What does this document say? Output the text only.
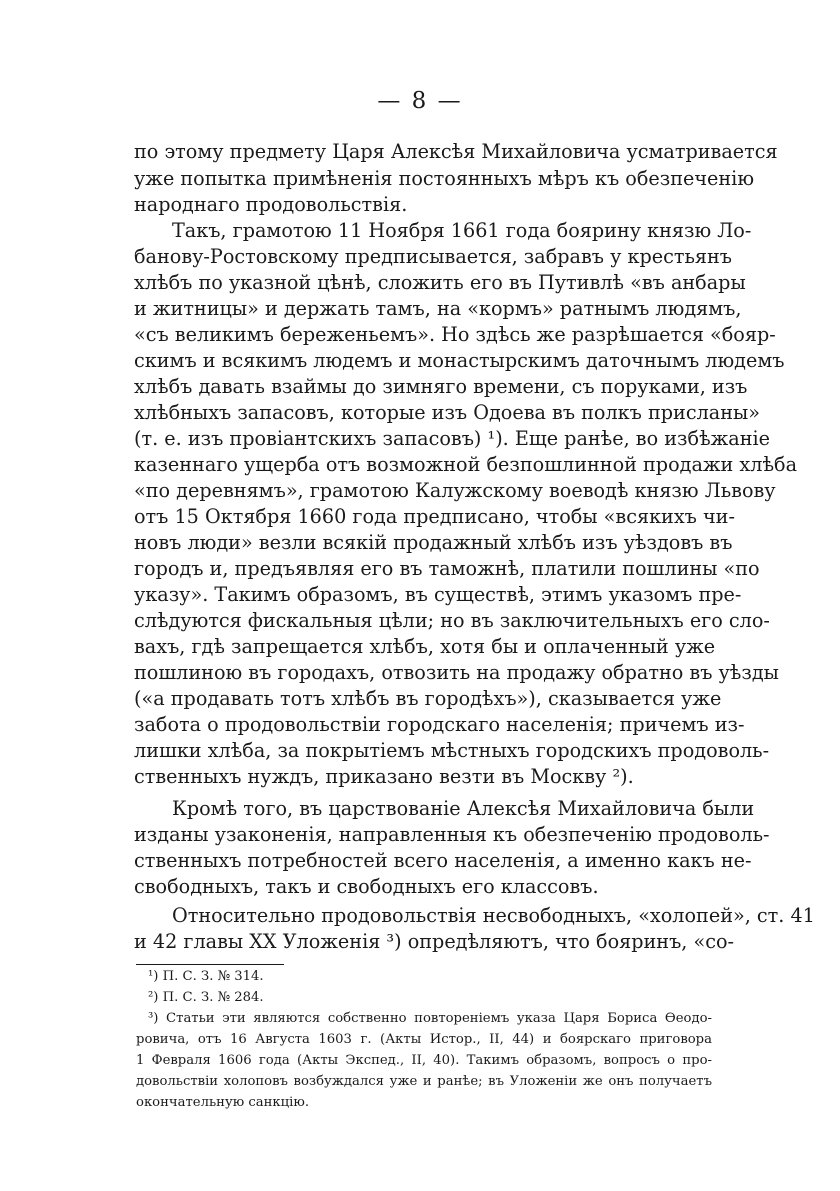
— 8 —
по этому предмету Царя Алексѣя Михайловича усматривается
уже попытка примѣненія постоянныхъ мѣръ къ обезпеченію
народнаго продовольствія.
Такъ, грамотою 11 Ноября 1661 года боярину князю Ло-
банову-Ростовскому предписывается, забравъ у крестьянъ
хлѣбъ по указной цѣнѣ, сложить его въ Путивлѣ «въ анбары
и житницы» и держать тамъ, на «кормъ» ратнымъ людямъ,
«съ великимъ береженьемъ». Но здѣсь же разрѣшается «бояр-
скимъ и всякимъ людемъ и монастырскимъ даточнымъ людемъ
хлѣбъ давать взаймы до зимняго времени, съ поруками, изъ
хлѣбныхъ запасовъ, которые изъ Одоева въ полкъ присланы»
(т. е. изъ провіантскихъ запасовъ) ¹). Еще ранѣе, во избѣжаніе
казеннаго ущерба отъ возможной безпошлинной продажи хлѣба
«по деревнямъ», грамотою Калужскому воеводѣ князю Львову
отъ 15 Октября 1660 года предписано, чтобы «всякихъ чи-
новъ люди» везли всякій продажный хлѣбъ изъ уѣздовъ въ
городъ и, предъявляя его въ таможнѣ, платили пошлины «по
указу». Такимъ образомъ, въ существѣ, этимъ указомъ пре-
слѣдуются фискальныя цѣли; но въ заключительныхъ его сло-
вахъ, гдѣ запрещается хлѣбъ, хотя бы и оплаченный уже
пошлиною въ городахъ, отвозить на продажу обратно въ уѣзды
(«а продавать тотъ хлѣбъ въ городѣхъ»), сказывается уже
забота о продовольствіи городскаго населенія; причемъ из-
лишки хлѣба, за покрытіемъ мѣстныхъ городскихъ продоволь-
ственныхъ нуждъ, приказано везти въ Москву ²).
Кромѣ того, въ царствованіе Алексѣя Михайловича были
изданы узаконенія, направленныя къ обезпеченію продоволь-
ственныхъ потребностей всего населенія, а именно какъ не-
свободныхъ, такъ и свободныхъ его классовъ.
Относительно продовольствія несвободныхъ, «холопей», ст. 41
и 42 главы XX Уложенія ³) опредѣляютъ, что бояринъ, «со-
¹) П. С. З. № 314.
²) П. С. З. № 284.
³) Статьи эти являются собственно повтореніемъ указа Царя Бориса Ѳеодо-
ровича, отъ 16 Августа 1603 г. (Акты Истор., II, 44) и боярскаго приговора
1 Февраля 1606 года (Акты Экспед., II, 40). Такимъ образомъ, вопросъ о про-
довольствіи холоповъ возбуждался уже и ранѣе; въ Уложеніи же онъ получаетъ
окончательную санкцію.
